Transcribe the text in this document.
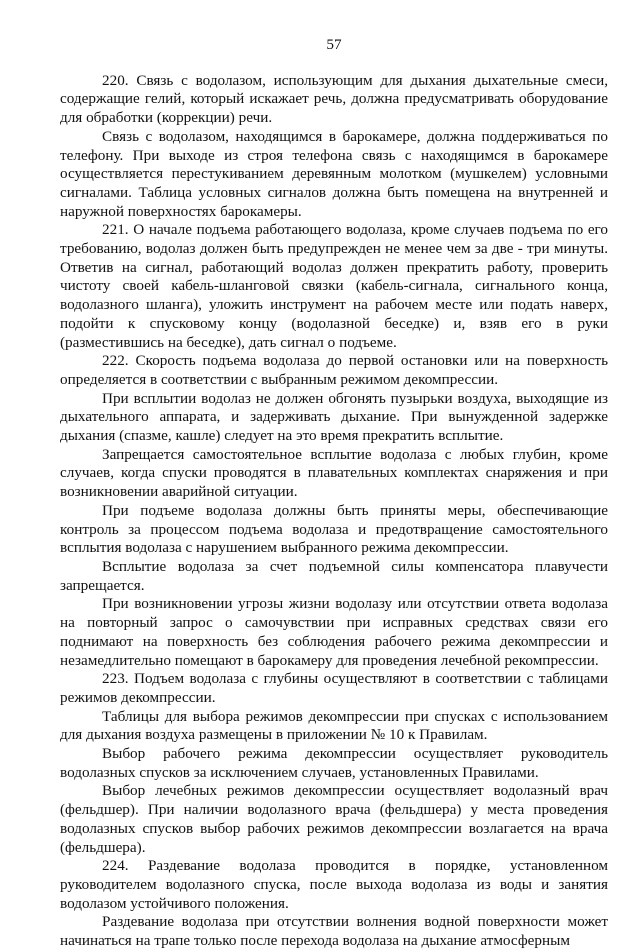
57

220. Связь с водолазом, использующим для дыхания дыхательные смеси, содержащие гелий, который искажает речь, должна предусматривать оборудование для обработки (коррекции) речи.

Связь с водолазом, находящимся в барокамере, должна поддерживаться по телефону. При выходе из строя телефона связь с находящимся в барокамере осуществляется перестукиванием деревянным молотком (мушкелем) условными сигналами. Таблица условных сигналов должна быть помещена на внутренней и наружной поверхностях барокамеры.

221. О начале подъема работающего водолаза, кроме случаев подъема по его требованию, водолаз должен быть предупрежден не менее чем за две - три минуты. Ответив на сигнал, работающий водолаз должен прекратить работу, проверить чистоту своей кабель-шланговой связки (кабель-сигнала, сигнального конца, водолазного шланга), уложить инструмент на рабочем месте или подать наверх, подойти к спусковому концу (водолазной беседке) и, взяв его в руки (разместившись на беседке), дать сигнал о подъеме.

222. Скорость подъема водолаза до первой остановки или на поверхность определяется в соответствии с выбранным режимом декомпрессии.

При всплытии водолаз не должен обгонять пузырьки воздуха, выходящие из дыхательного аппарата, и задерживать дыхание. При вынужденной задержке дыхания (спазме, кашле) следует на это время прекратить всплытие.

Запрещается самостоятельное всплытие водолаза с любых глубин, кроме случаев, когда спуски проводятся в плавательных комплектах снаряжения и при возникновении аварийной ситуации.

При подъеме водолаза должны быть приняты меры, обеспечивающие контроль за процессом подъема водолаза и предотвращение самостоятельного всплытия водолаза с нарушением выбранного режима декомпрессии.

Всплытие водолаза за счет подъемной силы компенсатора плавучести запрещается.

При возникновении угрозы жизни водолазу или отсутствии ответа водолаза на повторный запрос о самочувствии при исправных средствах связи его поднимают на поверхность без соблюдения рабочего режима декомпрессии и незамедлительно помещают в барокамеру для проведения лечебной рекомпрессии.

223. Подъем водолаза с глубины осуществляют в соответствии с таблицами режимов декомпрессии.

Таблицы для выбора режимов декомпрессии при спусках с использованием для дыхания воздуха размещены в приложении № 10 к Правилам.

Выбор рабочего режима декомпрессии осуществляет руководитель водолазных спусков за исключением случаев, установленных Правилами.

Выбор лечебных режимов декомпрессии осуществляет водолазный врач (фельдшер). При наличии водолазного врача (фельдшера) у места проведения водолазных спусков выбор рабочих режимов декомпрессии возлагается на врача (фельдшера).

224. Раздевание водолаза проводится в порядке, установленном руководителем водолазного спуска, после выхода водолаза из воды и занятия водолазом устойчивого положения.

Раздевание водолаза при отсутствии волнения водной поверхности может начинаться на трапе только после перехода водолаза на дыхание атмосферным
